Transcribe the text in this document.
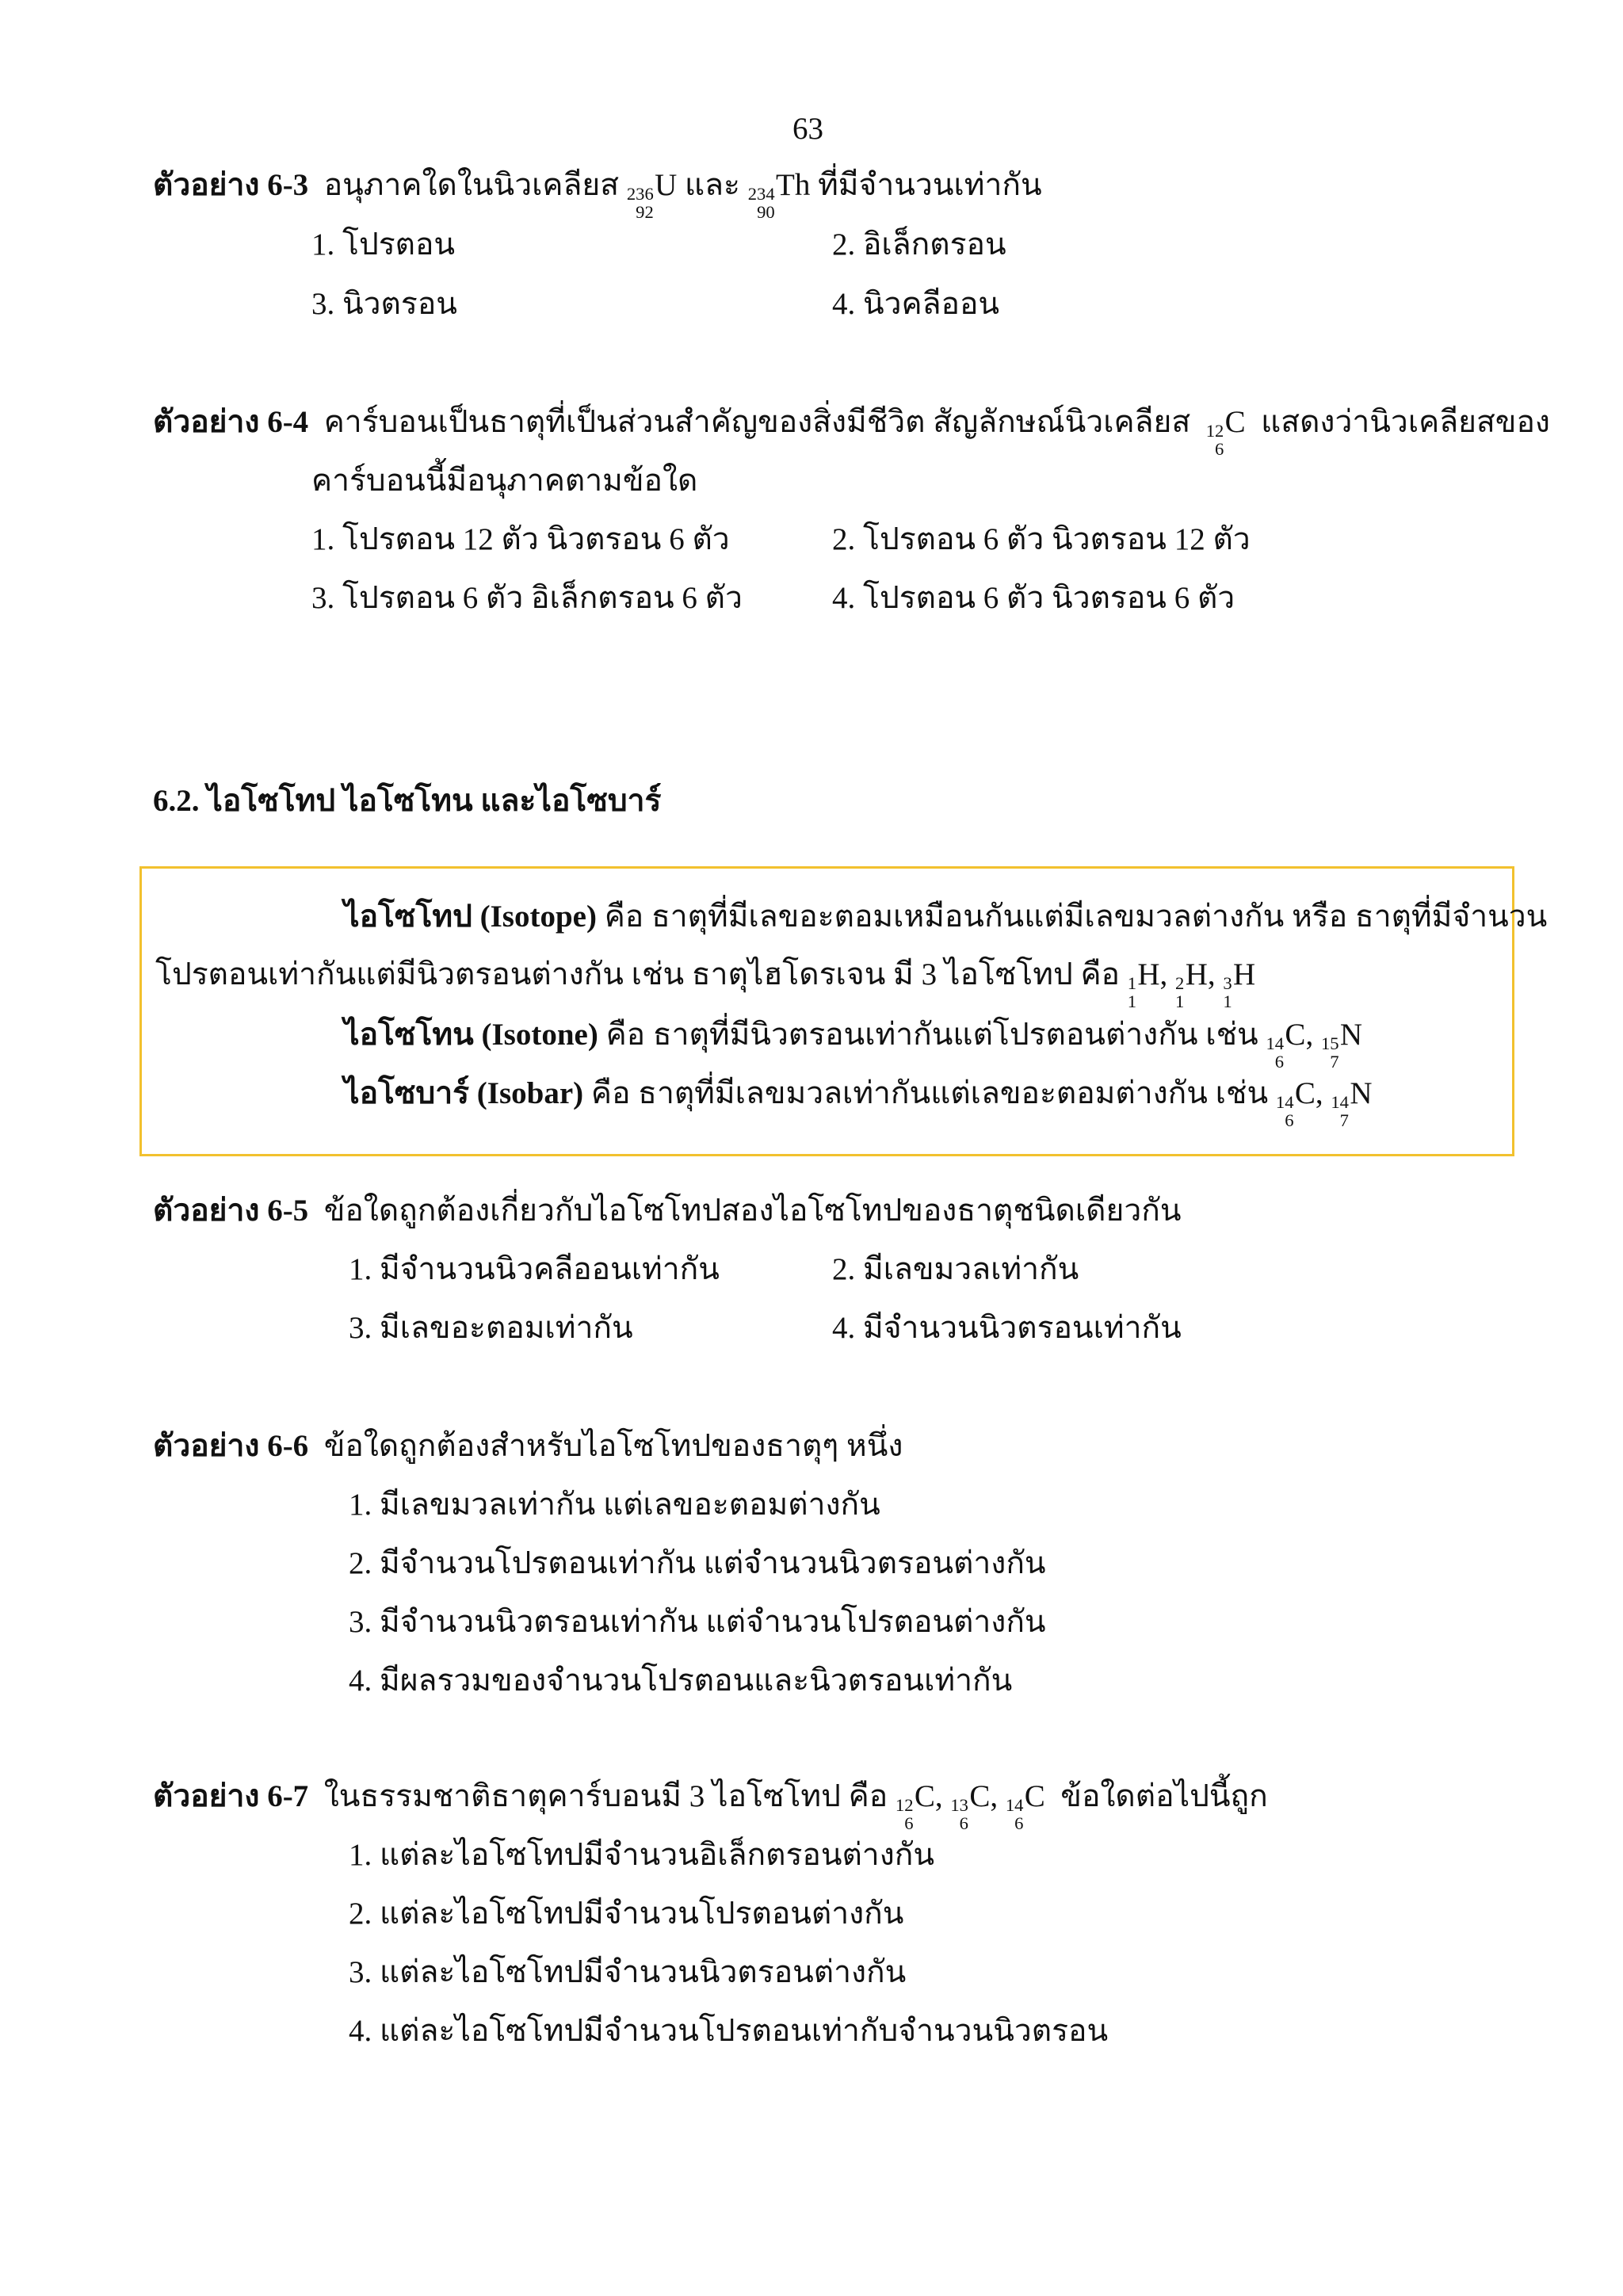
63
ตัวอย่าง 6-3 อนุภาคใดในนิวเคลียส 236
92
U และ 234
90
Th ที่มีจำนวนเท่ากัน
1. โปรตอน	2. อิเล็กตรอน
3. นิวตรอน	4. นิวคลีออน
ตัวอย่าง 6-4 คาร์บอนเป็นธาตุที่เป็นส่วนสำคัญของสิ่งมีชีวิต สัญลักษณ์นิวเคลียส 12
6
C แสดงว่านิวเคลียสของ
คาร์บอนนี้มีอนุภาคตามข้อใด
1. โปรตอน 12 ตัว นิวตรอน 6 ตัว	2. โปรตอน 6 ตัว นิวตรอน 12 ตัว
3. โปรตอน 6 ตัว อิเล็กตรอน 6 ตัว	4. โปรตอน 6 ตัว นิวตรอน 6 ตัว
6.2. ไอโซโทป ไอโซโทน และไอโซบาร์
ไอโซโทป (Isotope) คือ ธาตุที่มีเลขอะตอมเหมือนกันแต่มีเลขมวลต่างกัน หรือ ธาตุที่มีจำนวน
โปรตอนเท่ากันแต่มีนิวตรอนต่างกัน เช่น ธาตุไฮโดรเจน มี 3 ไอโซโทป คือ 1
1
H, 2
1
H, 3
1
H
ไอโซโทน (Isotone) คือ ธาตุที่มีนิวตรอนเท่ากันแต่โปรตอนต่างกัน เช่น 14
6
C, 15
7
N
ไอโซบาร์ (Isobar) คือ ธาตุที่มีเลขมวลเท่ากันแต่เลขอะตอมต่างกัน เช่น 14
6
C, 14
7
N
ตัวอย่าง 6-5 ข้อใดถูกต้องเกี่ยวกับไอโซโทปสองไอโซโทปของธาตุชนิดเดียวกัน
1. มีจำนวนนิวคลีออนเท่ากัน	2. มีเลขมวลเท่ากัน
3. มีเลขอะตอมเท่ากัน	4. มีจำนวนนิวตรอนเท่ากัน
ตัวอย่าง 6-6 ข้อใดถูกต้องสำหรับไอโซโทปของธาตุๆ หนึ่ง
1. มีเลขมวลเท่ากัน แต่เลขอะตอมต่างกัน
2. มีจำนวนโปรตอนเท่ากัน แต่จำนวนนิวตรอนต่างกัน
3. มีจำนวนนิวตรอนเท่ากัน แต่จำนวนโปรตอนต่างกัน
4. มีผลรวมของจำนวนโปรตอนและนิวตรอนเท่ากัน
ตัวอย่าง 6-7 ในธรรมชาติธาตุคาร์บอนมี 3 ไอโซโทป คือ 12
6
C, 13
6
C, 14
6
C ข้อใดต่อไปนี้ถูก
1. แต่ละไอโซโทปมีจำนวนอิเล็กตรอนต่างกัน
2. แต่ละไอโซโทปมีจำนวนโปรตอนต่างกัน
3. แต่ละไอโซโทปมีจำนวนนิวตรอนต่างกัน
4. แต่ละไอโซโทปมีจำนวนโปรตอนเท่ากับจำนวนนิวตรอน
